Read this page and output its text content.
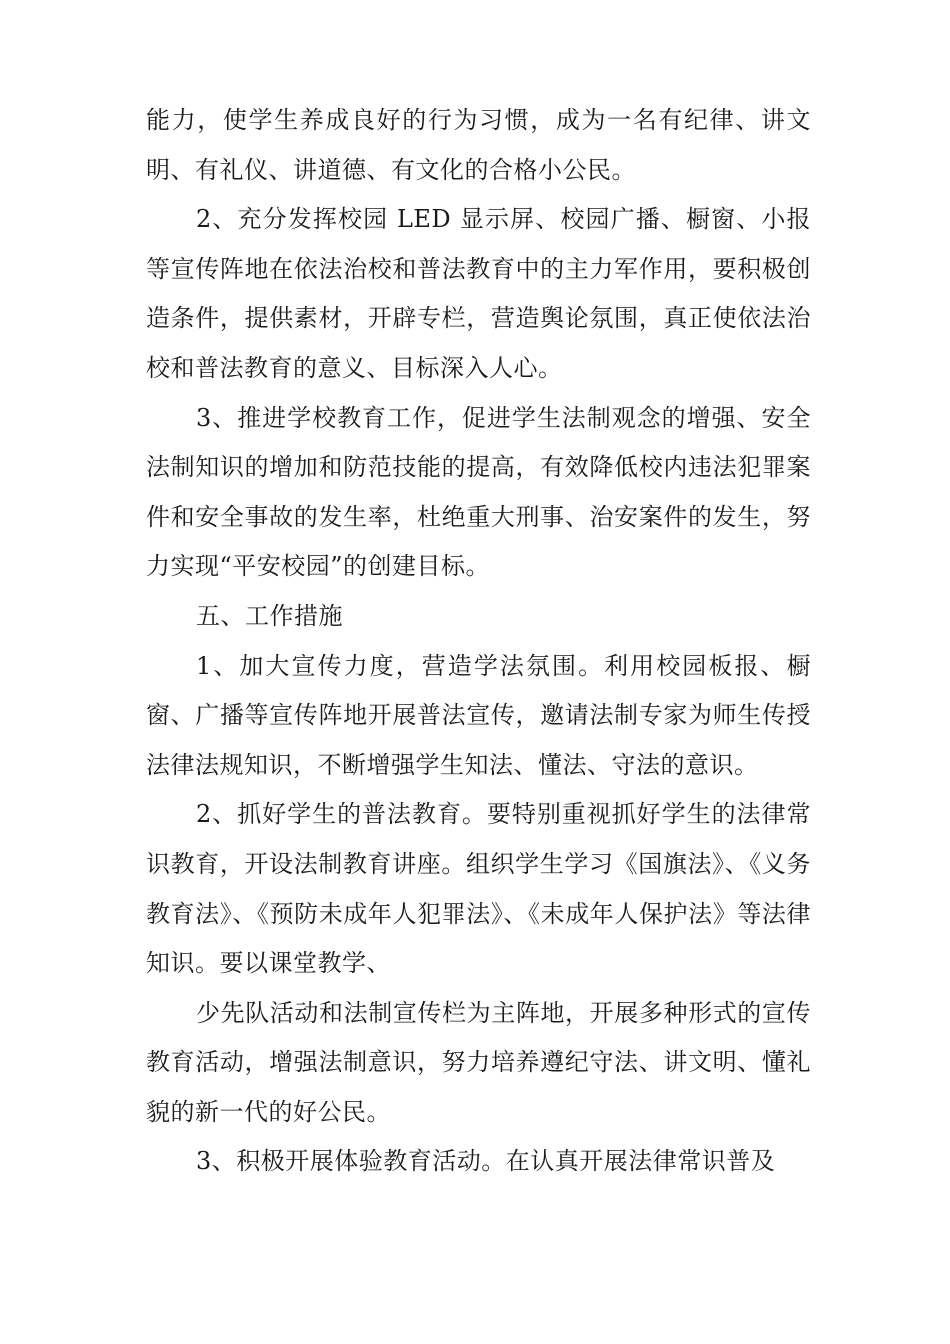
能力，使学生养成良好的行为习惯，成为一名有纪律、讲文明、有礼仪、讲道德、有文化的合格小公民。

2、充分发挥校园 LED 显示屏、校园广播、橱窗、小报等宣传阵地在依法治校和普法教育中的主力军作用，要积极创造条件，提供素材，开辟专栏，营造舆论氛围，真正使依法治校和普法教育的意义、目标深入人心。

3、推进学校教育工作，促进学生法制观念的增强、安全法制知识的增加和防范技能的提高，有效降低校内违法犯罪案件和安全事故的发生率，杜绝重大刑事、治安案件的发生，努力实现“平安校园”的创建目标。

五、工作措施

1、加大宣传力度，营造学法氛围。利用校园板报、橱窗、广播等宣传阵地开展普法宣传，邀请法制专家为师生传授法律法规知识，不断增强学生知法、懂法、守法的意识。

2、抓好学生的普法教育。要特别重视抓好学生的法律常识教育，开设法制教育讲座。组织学生学习《国旗法》、《义务教育法》、《预防未成年人犯罪法》、《未成年人保护法》等法律知识。要以课堂教学、

少先队活动和法制宣传栏为主阵地，开展多种形式的宣传教育活动，增强法制意识，努力培养遵纪守法、讲文明、懂礼貌的新一代的好公民。

3、积极开展体验教育活动。在认真开展法律常识普及
